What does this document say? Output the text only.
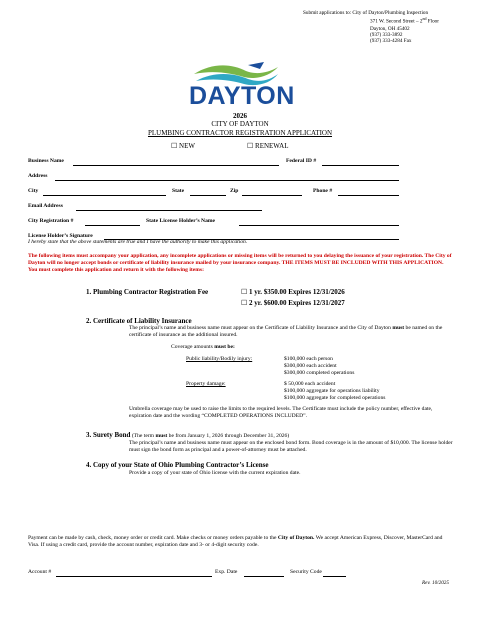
Submit applications to: City of Dayton/Plumbing Inspection
371 W. Second Street – 2nd Floor
Dayton, OH 45402
(937) 333-3892
(937) 333-4284 Fax
DAYTON
2026
CITY OF DAYTON
PLUMBING CONTRACTOR REGISTRATION APPLICATION
☐ NEW	☐ RENEWAL
Business Name	Federal ID #
Address
City	State	Zip	Phone #
Email Address
City Registration #	State License Holder’s Name
License Holder’s Signature
I hereby state that the above statements are true and I have the authority to make this application.
The following items must accompany your application, any incomplete applications or missing items will be returned to you delaying the issuance of your registration. The City of Dayton will no longer accept bonds or certificate of liability insurance mailed by your insurance company. THE ITEMS MUST BE INCLUDED WITH THIS APPLICATION. You must complete this application and return it with the following items:
1. Plumbing Contractor Registration Fee	☐ 1 yr. $350.00 Expires 12/31/2026
☐ 2 yr. $600.00 Expires 12/31/2027
2. Certificate of Liability Insurance
The principal’s name and business name must appear on the Certificate of Liability Insurance and the City of Dayton must be named on the certificate of insurance as the additional insured.
Coverage amounts must be:
Public liability/Bodily injury:	$100,000 each person
$300,000 each accident
$300,000 completed operations
Property damage:	$ 50,000 each accident
$100,000 aggregate for operations liability
$100,000 aggregate for completed operations
Umbrella coverage may be used to raise the limits to the required levels. The Certificate must include the policy number, effective date, expiration date and the wording “COMPLETED OPERATIONS INCLUDED”.
3. Surety Bond (The term must be from January 1, 2026 through December 31, 2026)
The principal’s name and business name must appear on the enclosed bond form. Bond coverage is in the amount of $10,000. The license holder must sign the bond form as principal and a power-of-attorney must be attached.
4. Copy of your State of Ohio Plumbing Contractor’s License
Provide a copy of your state of Ohio license with the current expiration date.
Payment can be made by cash, check, money order or credit card. Make checks or money orders payable to the City of Dayton. We accept American Express, Discover, MasterCard and Visa. If using a credit card, provide the account number, expiration date and 3- or 4-digit security code.
Account #	Exp. Date	Security Code
Rev. 10/2025
